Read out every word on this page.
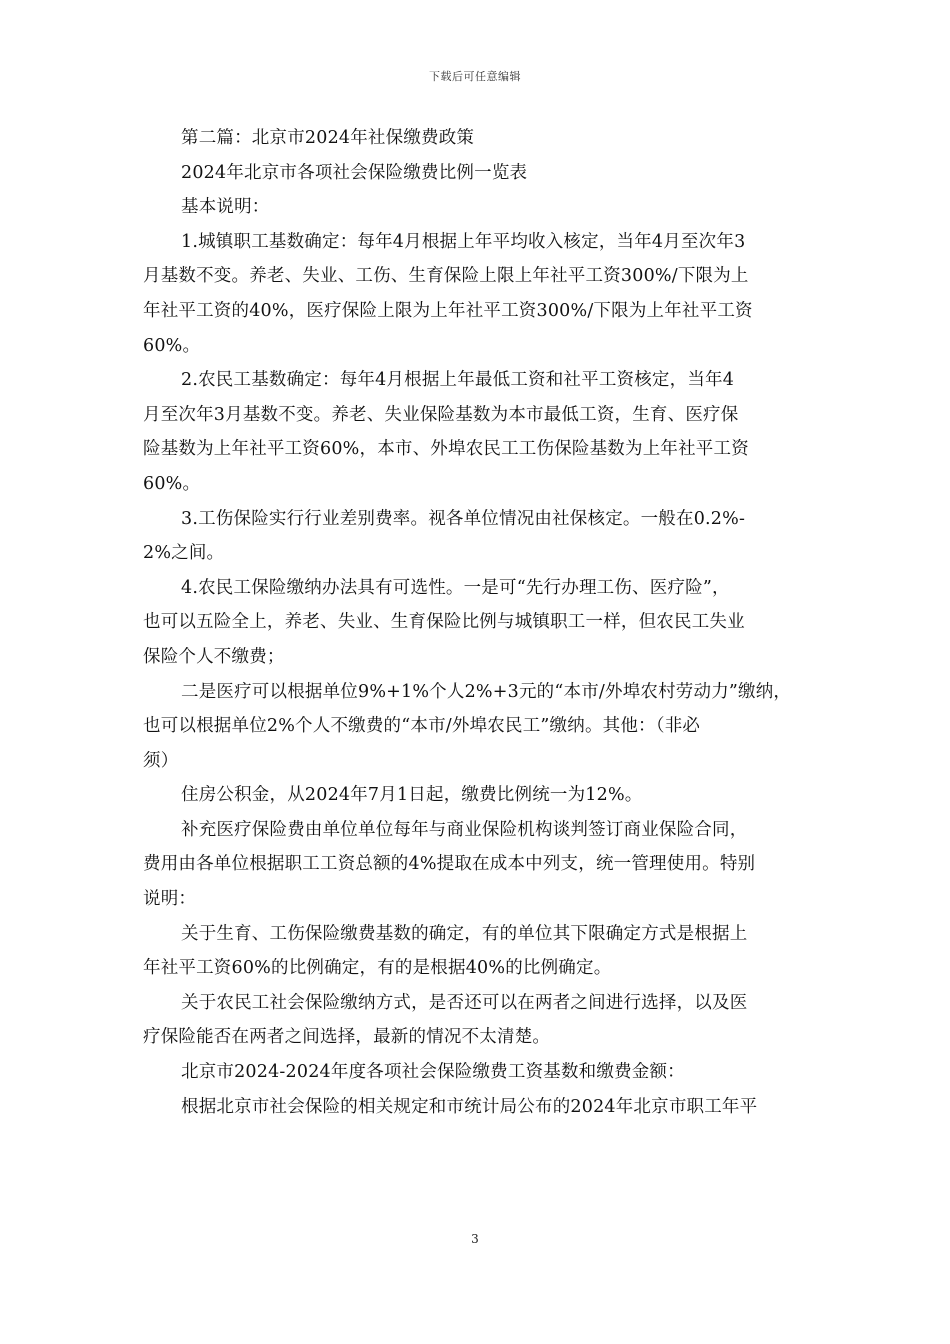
下载后可任意编辑
第二篇：北京市2024年社保缴费政策
2024年北京市各项社会保险缴费比例一览表
基本说明：
1.城镇职工基数确定：每年4月根据上年平均收入核定，当年4月至次年3
月基数不变。养老、失业、工伤、生育保险上限上年社平工资300%/下限为上
年社平工资的40%，医疗保险上限为上年社平工资300%/下限为上年社平工资
60%。
2.农民工基数确定：每年4月根据上年最低工资和社平工资核定，当年4
月至次年3月基数不变。养老、失业保险基数为本市最低工资，生育、医疗保
险基数为上年社平工资60%，本市、外埠农民工工伤保险基数为上年社平工资
60%。
3.工伤保险实行行业差别费率。视各单位情况由社保核定。一般在0.2%-
2%之间。
4.农民工保险缴纳办法具有可选性。一是可“先行办理工伤、医疗险”，
也可以五险全上，养老、失业、生育保险比例与城镇职工一样，但农民工失业
保险个人不缴费；
二是医疗可以根据单位9%+1%个人2%+3元的“本市/外埠农村劳动力”缴纳，
也可以根据单位2%个人不缴费的“本市/外埠农民工”缴纳。其他：（非必
须）
住房公积金，从2024年7月1日起，缴费比例统一为12%。
补充医疗保险费由单位单位每年与商业保险机构谈判签订商业保险合同，
费用由各单位根据职工工资总额的4%提取在成本中列支，统一管理使用。特别
说明：
关于生育、工伤保险缴费基数的确定，有的单位其下限确定方式是根据上
年社平工资60%的比例确定，有的是根据40%的比例确定。
关于农民工社会保险缴纳方式，是否还可以在两者之间进行选择，以及医
疗保险能否在两者之间选择，最新的情况不太清楚。
北京市2024-2024年度各项社会保险缴费工资基数和缴费金额：
根据北京市社会保险的相关规定和市统计局公布的2024年北京市职工年平
3
